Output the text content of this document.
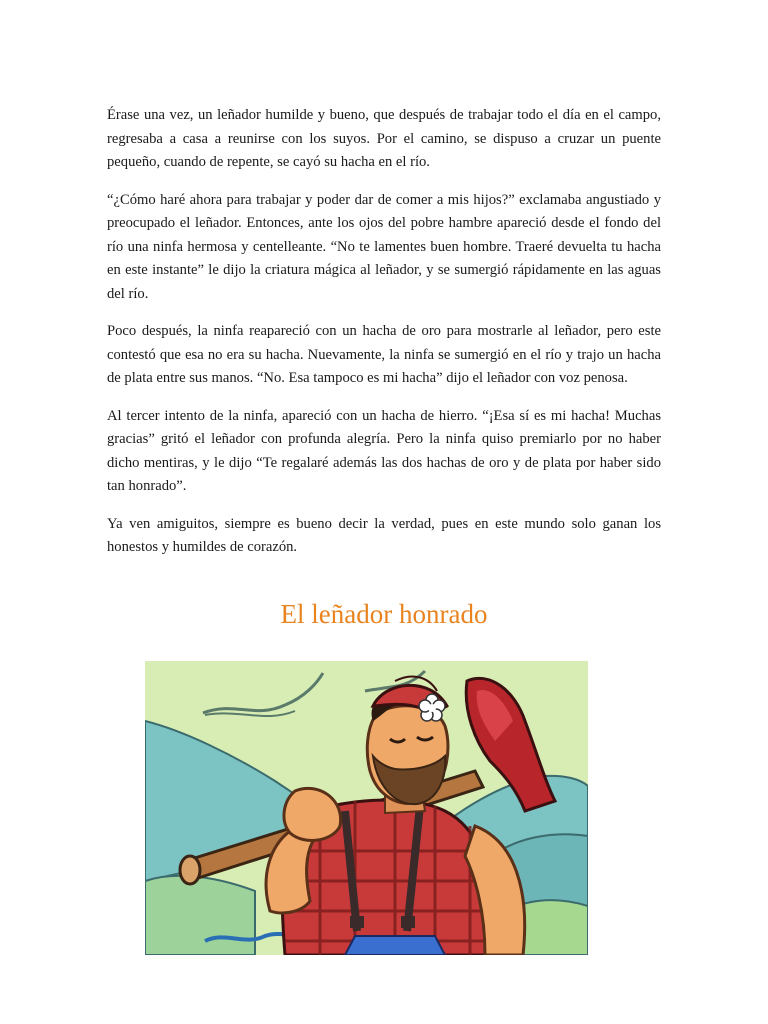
Érase una vez, un leñador humilde y bueno, que después de trabajar todo el día en el campo, regresaba a casa a reunirse con los suyos. Por el camino, se dispuso a cruzar un puente pequeño, cuando de repente, se cayó su hacha en el río.

“¿Cómo haré ahora para trabajar y poder dar de comer a mis hijos?” exclamaba angustiado y preocupado el leñador. Entonces, ante los ojos del pobre hambre apareció desde el fondo del río una ninfa hermosa y centelleante. “No te lamentes buen hombre. Traeré devuelta tu hacha en este instante” le dijo la criatura mágica al leñador, y se sumergió rápidamente en las aguas del río.

Poco después, la ninfa reapareció con un hacha de oro para mostrarle al leñador, pero este contestó que esa no era su hacha. Nuevamente, la ninfa se sumergió en el río y trajo un hacha de plata entre sus manos. “No. Esa tampoco es mi hacha” dijo el leñador con voz penosa.

Al tercer intento de la ninfa, apareció con un hacha de hierro. “¡Esa sí es mi hacha! Muchas gracias” gritó el leñador con profunda alegría. Pero la ninfa quiso premiarlo por no haber dicho mentiras, y le dijo “Te regalaré además las dos hachas de oro y de plata por haber sido tan honrado”.

Ya ven amiguitos, siempre es bueno decir la verdad, pues en este mundo solo ganan los honestos y humildes de corazón.

El leñador honrado
